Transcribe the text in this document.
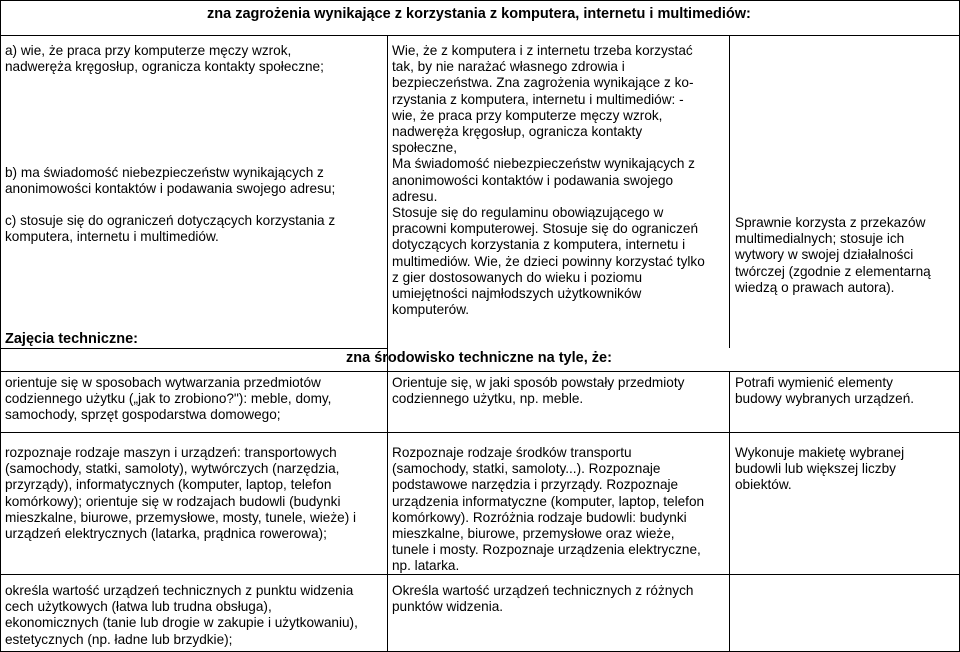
zna zagrożenia wynikające z korzystania z komputera, internetu i multimediów:
a) wie, że praca przy komputerze męczy wzrok,
nadweręża kręgosłup, ogranicza kontakty społeczne;
b) ma świadomość niebezpieczeństw wynikających z
anonimowości kontaktów i podawania swojego adresu;
c) stosuje się do ograniczeń dotyczących korzystania z
komputera, internetu i multimediów.
Wie, że z komputera i z internetu trzeba korzystać
tak, by nie narażać własnego zdrowia i
bezpieczeństwa. Zna zagrożenia wynikające z ko-
rzystania z komputera, internetu i multimediów: -
wie, że praca przy komputerze męczy wzrok,
nadweręża kręgosłup, ogranicza kontakty
społeczne,
Ma świadomość niebezpieczeństw wynikających z
anonimowości kontaktów i podawania swojego
adresu.
Stosuje się do regulaminu obowiązującego w
pracowni komputerowej. Stosuje się do ograniczeń
dotyczących korzystania z komputera, internetu i
multimediów. Wie, że dzieci powinny korzystać tylko
z gier dostosowanych do wieku i poziomu
umiejętności najmłodszych użytkowników
komputerów.
Sprawnie korzysta z przekazów
multimedialnych; stosuje ich
wytwory w swojej działalności
twórczej (zgodnie z elementarną
wiedzą o prawach autora).
Zajęcia techniczne:
zna środowisko techniczne na tyle, że:
orientuje się w sposobach wytwarzania przedmiotów
codziennego użytku („jak to zrobiono?"): meble, domy,
samochody, sprzęt gospodarstwa domowego;
Orientuje się, w jaki sposób powstały przedmioty
codziennego użytku, np. meble.
Potrafi wymienić elementy
budowy wybranych urządzeń.
rozpoznaje rodzaje maszyn i urządzeń: transportowych
(samochody, statki, samoloty), wytwórczych (narzędzia,
przyrządy), informatycznych (komputer, laptop, telefon
komórkowy); orientuje się w rodzajach budowli (budynki
mieszkalne, biurowe, przemysłowe, mosty, tunele, wieże) i
urządzeń elektrycznych (latarka, prądnica rowerowa);
Rozpoznaje rodzaje środków transportu
(samochody, statki, samoloty...). Rozpoznaje
podstawowe narzędzia i przyrządy. Rozpoznaje
urządzenia informatyczne (komputer, laptop, telefon
komórkowy). Rozróżnia rodzaje budowli: budynki
mieszkalne, biurowe, przemysłowe oraz wieże,
tunele i mosty. Rozpoznaje urządzenia elektryczne,
np. latarka.
Wykonuje makietę wybranej
budowli lub większej liczby
obiektów.
określa wartość urządzeń technicznych z punktu widzenia
cech użytkowych (łatwa lub trudna obsługa),
ekonomicznych (tanie lub drogie w zakupie i użytkowaniu),
estetycznych (np. ładne lub brzydkie);
Określa wartość urządzeń technicznych z różnych
punktów widzenia.
